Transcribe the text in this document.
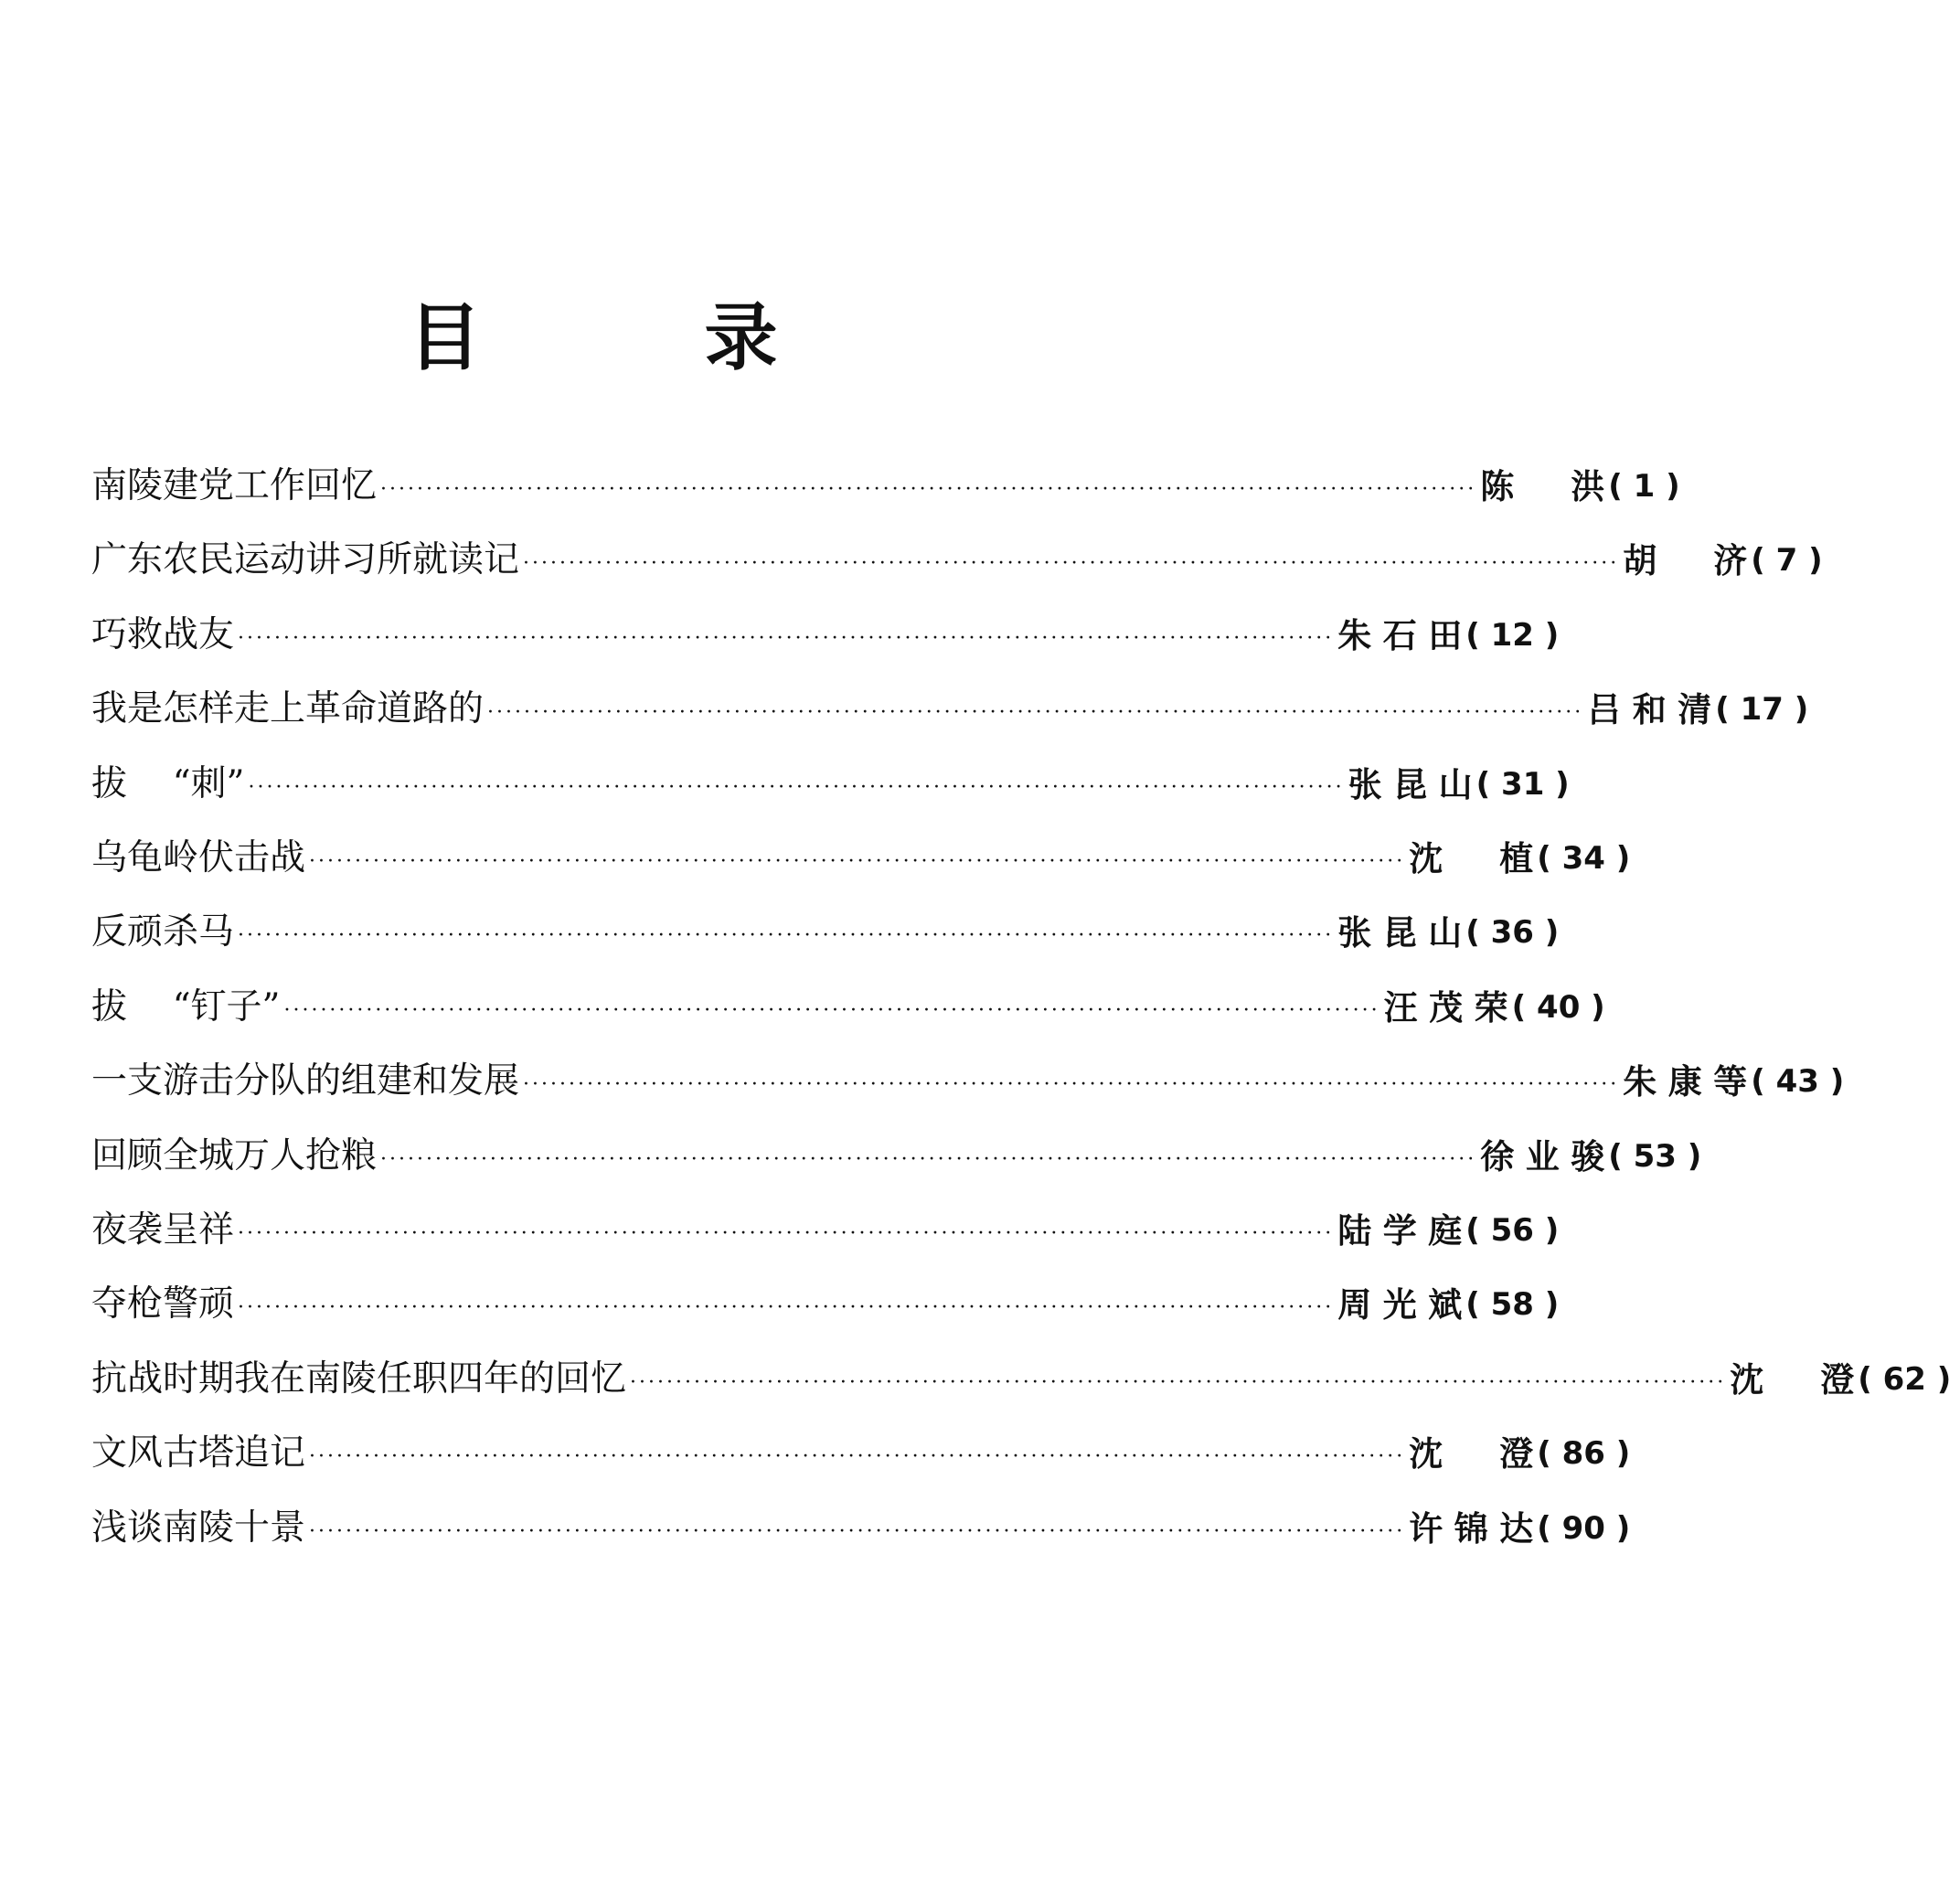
目	录
南陵建党工作回忆 ························································································································ 陈  洪 ( 1 )
广东农民运动讲习所就读记 ························································································································ 胡  济 ( 7 )
巧救战友 ························································································································ 朱石田 ( 12 )
我是怎样走上革命道路的 ························································································································ 吕和清 ( 17 )
拔    “刺” ························································································································ 张昆山 ( 31 )
乌龟岭伏击战 ························································································································ 沈  植 ( 34 )
反顽杀马 ························································································································ 张昆山 ( 36 )
拔    “钉子” ························································································································ 汪茂荣 ( 40 )
一支游击分队的组建和发展 ························································································································ 朱康等 ( 43 )
回顾全城万人抢粮 ························································································································ 徐业骏 ( 53 )
夜袭呈祥 ························································································································ 陆学庭 ( 56 )
夺枪警顽 ························································································································ 周光斌 ( 58 )
抗战时期我在南陵任职四年的回忆 ························································································································ 沈  澄 ( 62 )
文风古塔追记 ························································································································ 沈  澄 ( 86 )
浅谈南陵十景 ························································································································ 许锦达 ( 90 )
